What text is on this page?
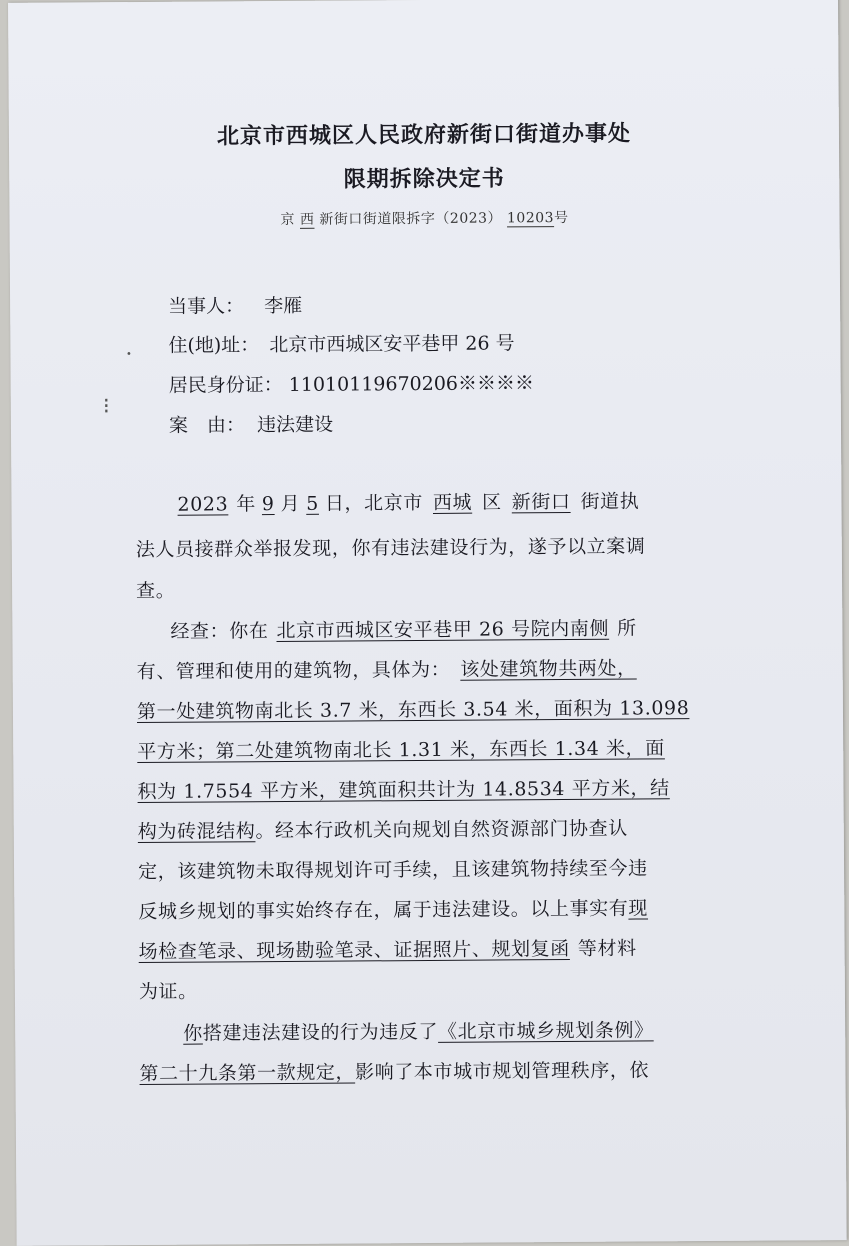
北京市西城区人民政府新街口街道办事处
限期拆除决定书
京 西 新街口街道限拆字（2023） 10203号
当事人： 李雁
住(地)址： 北京市西城区安平巷甲 26 号
居民身份证： 11010119670206※※※※
案　由： 违法建设
·
⁝
2023 年 9 月 5 日，北京市 西城 区 新街口 街道执
法人员接群众举报发现，你有违法建设行为，遂予以立案调
查。
经查：你在 北京市西城区安平巷甲 26 号院内南侧 所
有、管理和使用的建筑物，具体为： 该处建筑物共两处，
第一处建筑物南北长 3.7 米，东西长 3.54 米，面积为 13.098
平方米；第二处建筑物南北长 1.31 米，东西长 1.34 米，面
积为 1.7554 平方米，建筑面积共计为 14.8534 平方米，结
构为砖混结构。经本行政机关向规划自然资源部门协查认
定，该建筑物未取得规划许可手续，且该建筑物持续至今违
反城乡规划的事实始终存在，属于违法建设。以上事实有现
场检查笔录、现场勘验笔录、证据照片、规划复函 等材料
为证。
你搭建违法建设的行为违反了《北京市城乡规划条例》
第二十九条第一款规定，影响了本市城市规划管理秩序，依
